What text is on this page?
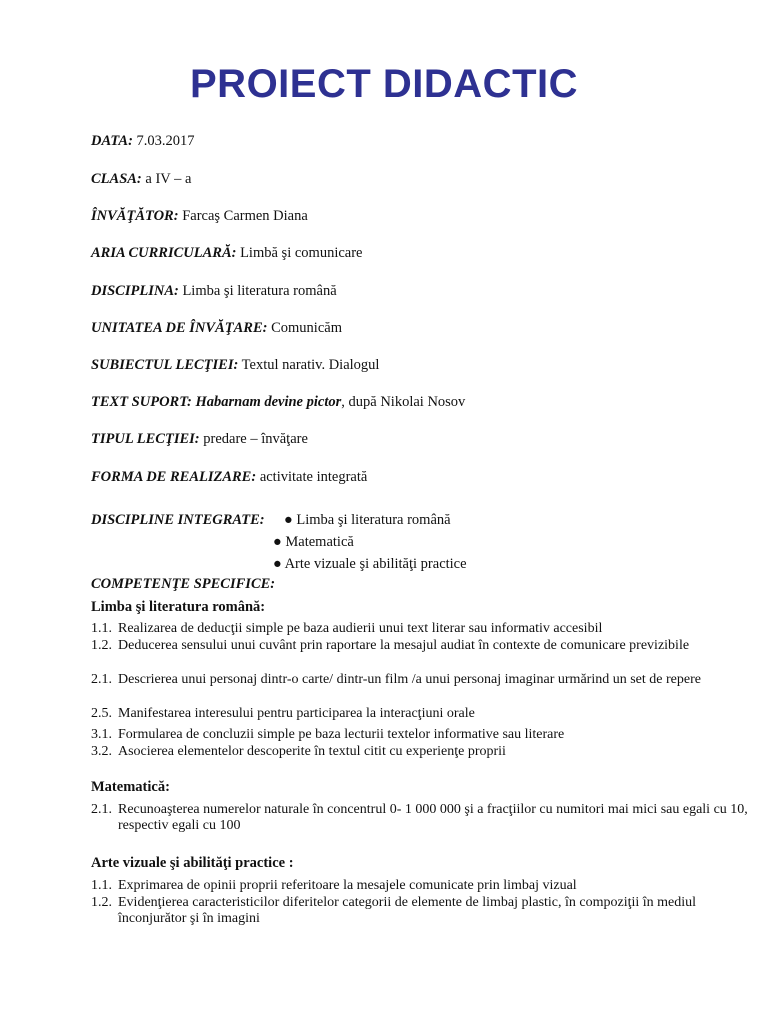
PROIECT DIDACTIC
DATA: 7.03.2017
CLASA: a IV – a
ÎNVĂŢĂTOR: Farcaş Carmen Diana
ARIA CURRICULARĂ: Limbă şi comunicare
DISCIPLINA: Limba şi literatura română
UNITATEA DE ÎNVĂŢARE: Comunicăm
SUBIECTUL LECŢIEI: Textul narativ. Dialogul
TEXT SUPORT: Habarnam devine pictor, după Nikolai Nosov
TIPUL LECŢIEI: predare – învăţare
FORMA DE REALIZARE: activitate integrată
DISCIPLINE INTEGRATE: ● Limba şi literatura română
● Matematică
● Arte vizuale şi abilităţi practice
COMPETENŢE SPECIFICE:
Limba şi literatura română:
1.1. Realizarea de deducţii simple pe baza audierii unui text literar sau informativ accesibil
1.2. Deducerea sensului unui cuvânt prin raportare la mesajul audiat în contexte de comunicare previzibile
2.1. Descrierea unui personaj dintr-o carte/ dintr-un film /a unui personaj imaginar urmărind un set de repere
2.5. Manifestarea interesului pentru participarea la interacţiuni orale
3.1. Formularea de concluzii simple pe baza lecturii textelor informative sau literare
3.2. Asocierea elementelor descoperite în textul citit cu experienţe proprii
Matematică:
2.1. Recunoaşterea numerelor naturale în concentrul 0- 1 000 000 şi a fracţiilor cu numitori mai mici sau egali cu 10, respectiv egali cu 100
Arte vizuale şi abilităţi practice :
1.1. Exprimarea de opinii proprii referitoare la mesajele comunicate prin limbaj vizual
1.2. Evidenţierea caracteristicilor diferitelor categorii de elemente de limbaj plastic, în compoziţii în mediul înconjurător şi în imagini
